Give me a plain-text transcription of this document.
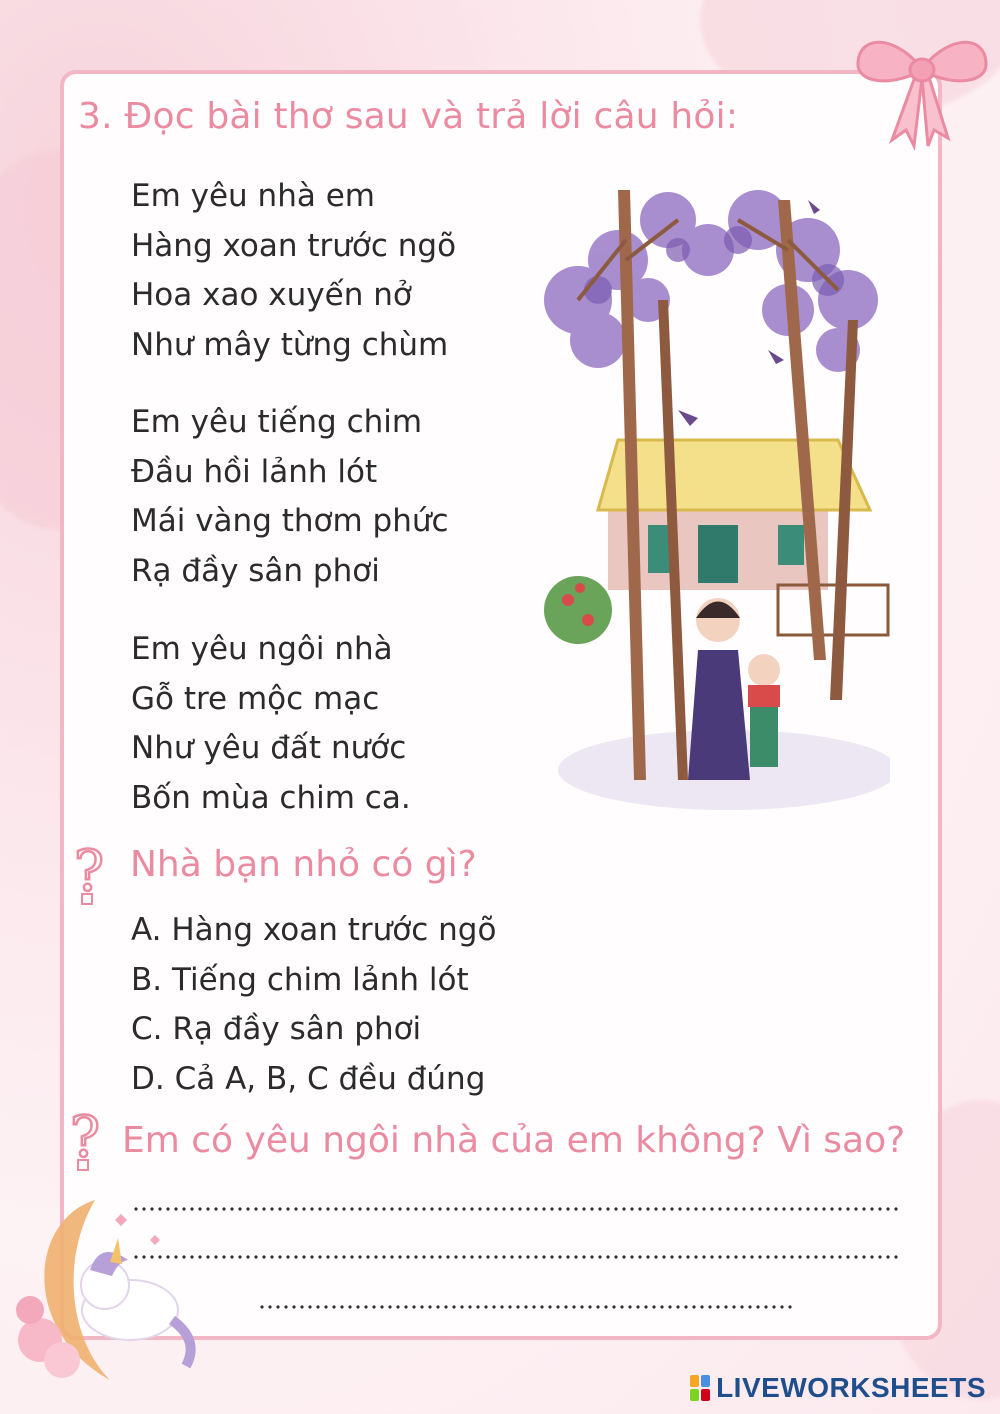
3. Đọc bài thơ sau và trả lời câu hỏi:
Em yêu nhà em
Hàng xoan trước ngõ
Hoa xao xuyến nở
Như mây từng chùm
Em yêu tiếng chim
Đầu hồi lảnh lót
Mái vàng thơm phức
Rạ đầy sân phơi
Em yêu ngôi nhà
Gỗ tre mộc mạc
Như yêu đất nước
Bốn mùa chim ca.
? Nhà bạn nhỏ có gì?
A. Hàng xoan trước ngõ
B. Tiếng chim lảnh lót
C. Rạ đầy sân phơi
D. Cả A, B, C đều đúng
? Em có yêu ngôi nhà của em không? Vì sao?
LIVEWORKSHEETS
